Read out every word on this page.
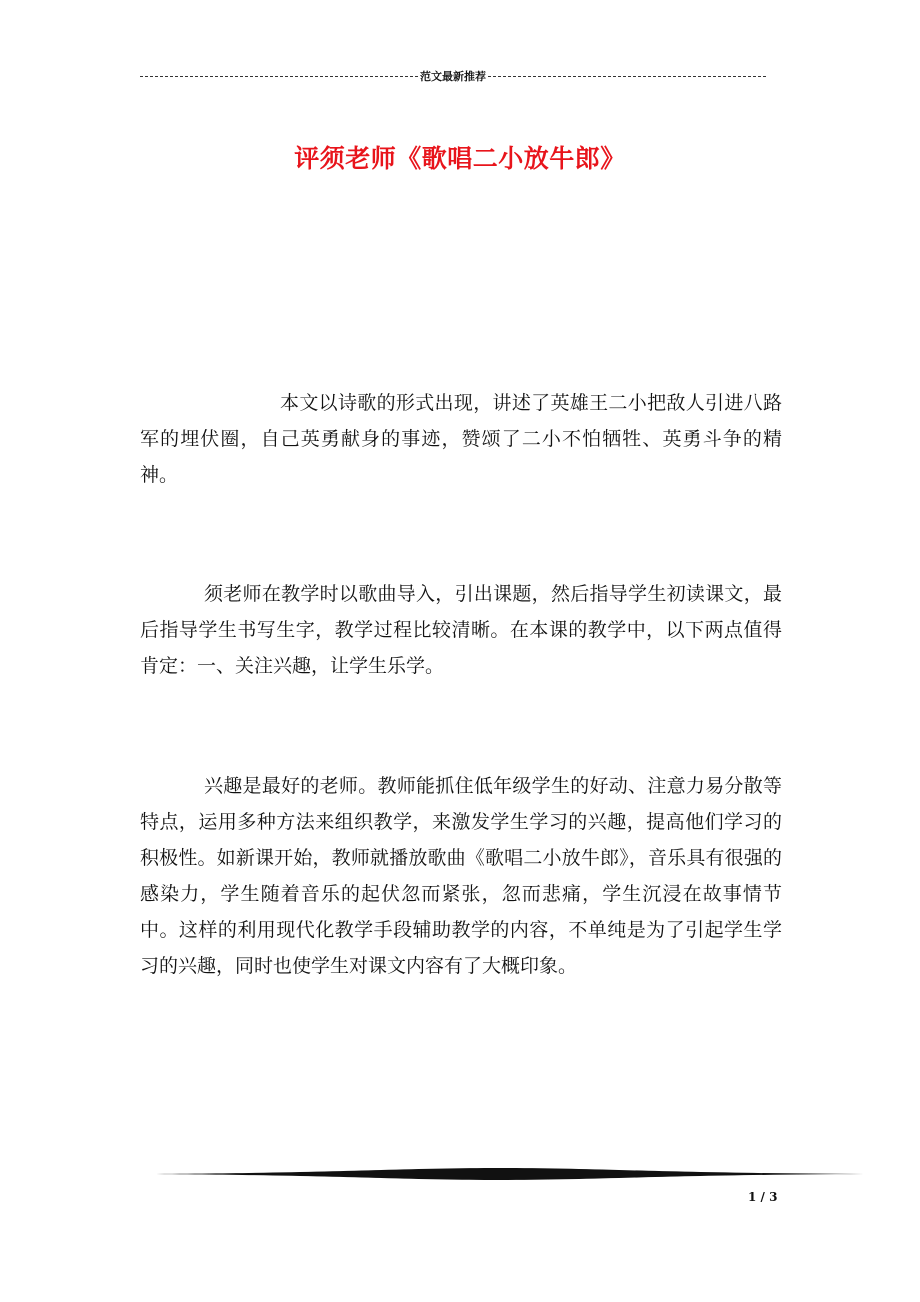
范文最新推荐
评须老师《歌唱二小放牛郎》

本文以诗歌的形式出现，讲述了英雄王二小把敌人引进八路军的埋伏圈，自己英勇献身的事迹，赞颂了二小不怕牺牲、英勇斗争的精神。

须老师在教学时以歌曲导入，引出课题，然后指导学生初读课文，最后指导学生书写生字，教学过程比较清晰。在本课的教学中，以下两点值得肯定：一、关注兴趣，让学生乐学。

兴趣是最好的老师。教师能抓住低年级学生的好动、注意力易分散等特点，运用多种方法来组织教学，来激发学生学习的兴趣，提高他们学习的积极性。如新课开始，教师就播放歌曲《歌唱二小放牛郎》，音乐具有很强的感染力，学生随着音乐的起伏忽而紧张，忽而悲痛，学生沉浸在故事情节中。这样的利用现代化教学手段辅助教学的内容，不单纯是为了引起学生学习的兴趣，同时也使学生对课文内容有了大概印象。

1 / 3
